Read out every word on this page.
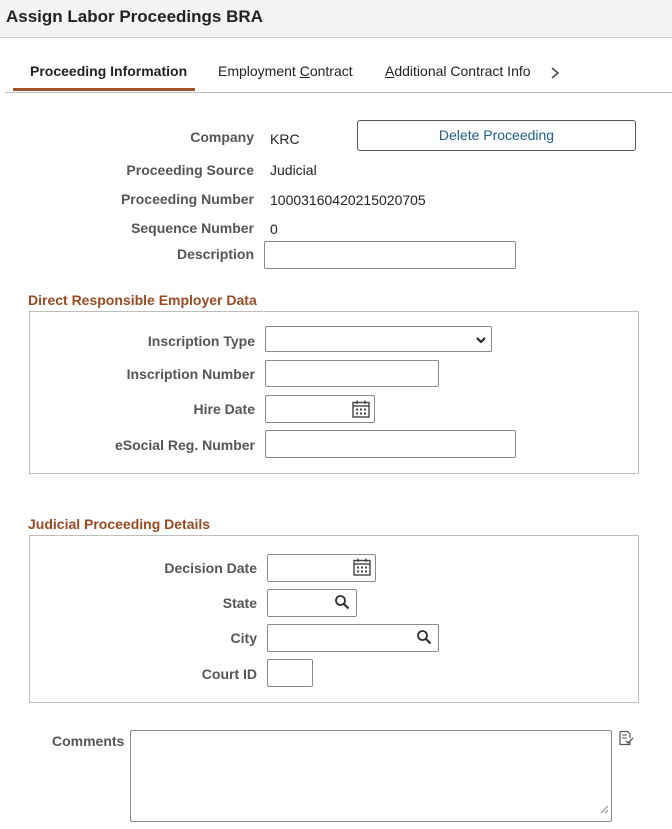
Assign Labor Proceedings BRA
Proceeding Information Employment Contract Additional Contract Info
Company KRC	Delete Proceeding
Proceeding Source Judicial
Proceeding Number 10003160420215020705
Sequence Number 0
Description
Direct Responsible Employer Data
Inscription Type
Inscription Number
Hire Date
eSocial Reg. Number
Judicial Proceeding Details
Decision Date
State
City
Court ID
Comments
